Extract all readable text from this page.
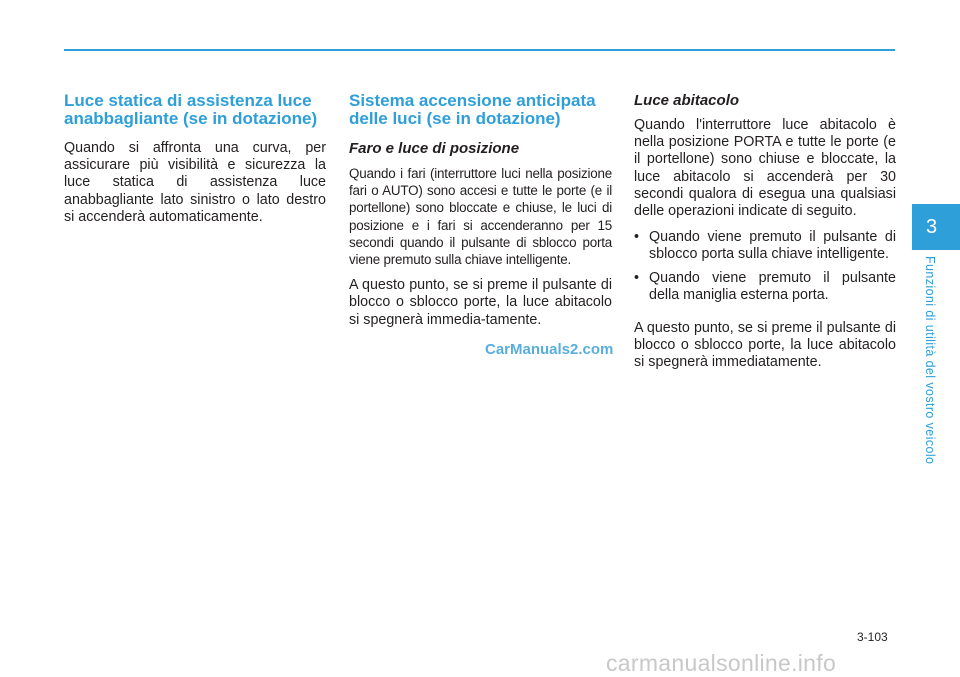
Luce statica di assistenza luce anabbagliante (se in dotazione)

Quando si affronta una curva, per assicurare più visibilità e sicurezza la luce statica di assistenza luce anabbagliante lato sinistro o lato destro si accenderà automaticamente.

Sistema accensione anticipata delle luci (se in dotazione)
Faro e luce di posizione

Quando i fari (interruttore luci nella posizione fari o AUTO) sono accesi e tutte le porte (e il portellone) sono bloccate e chiuse, le luci di posizione e i fari si accenderanno per 15 secondi quando il pulsante di sblocco porta viene premuto sulla chiave intelligente.

A questo punto, se si preme il pulsante di blocco o sblocco porte, la luce abitacolo si spegnerà immedia-tamente.

Luce abitacolo

Quando l'interruttore luce abitacolo è nella posizione PORTA e tutte le porte (e il portellone) sono chiuse e bloccate, la luce abitacolo si accenderà per 30 secondi qualora di esegua una qualsiasi delle operazioni indicate di seguito.

• Quando viene premuto il pulsante di sblocco porta sulla chiave intelligente.
• Quando viene premuto il pulsante della maniglia esterna porta.

A questo punto, se si preme il pulsante di blocco o sblocco porte, la luce abitacolo si spegnerà immediatamente.

CarManuals2.com
3
Funzioni di utilità del vostro veicolo
3-103
carmanualsonline.info
